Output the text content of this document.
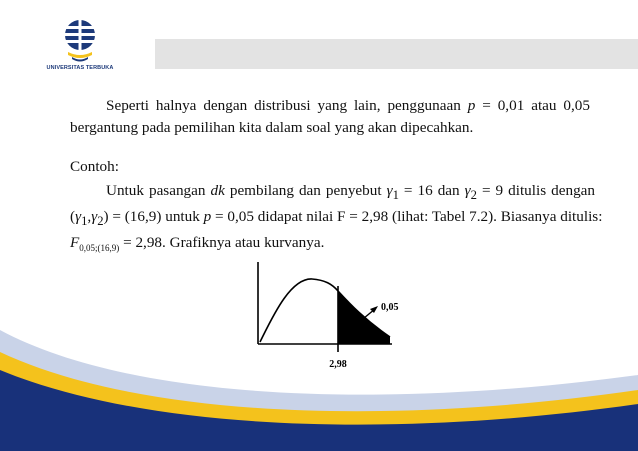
UNIVERSITAS TERBUKA
Seperti halnya dengan distribusi yang lain, penggunaan p = 0,01 atau 0,05
bergantung pada pemilihan kita dalam soal yang akan dipecahkan.
Contoh:
Untuk pasangan dk pembilang dan penyebut $\gamma_1 = 16$ dan $\gamma_2 = 9$ ditulis dengan
$(\gamma_1,\gamma_2) = (16,9)$ untuk p = 0,05 didapat nilai F = 2,98 (lihat: Tabel 7.2). Biasanya ditulis:
$F_{0,05;(16,9)} = 2,98$. Grafiknya atau kurvanya.
0,05
2,98
